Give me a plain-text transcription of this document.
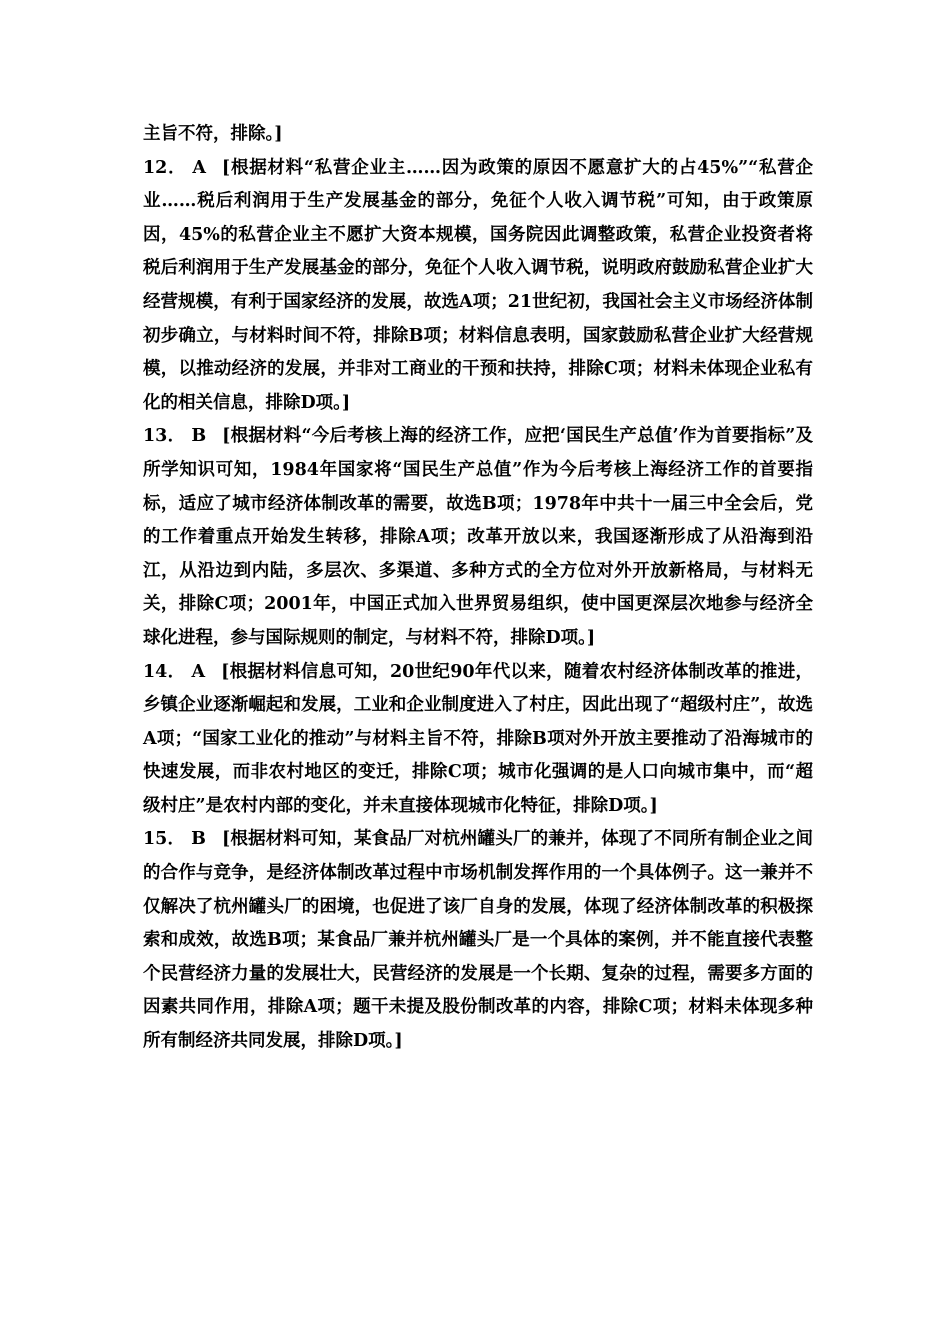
主旨不符，排除。]

12． A [根据材料“私营企业主……因为政策的原因不愿意扩大的占45%”“私营企业……税后利润用于生产发展基金的部分，免征个人收入调节税”可知，由于政策原因，45%的私营企业主不愿扩大资本规模，国务院因此调整政策，私营企业投资者将税后利润用于生产发展基金的部分，免征个人收入调节税，说明政府鼓励私营企业扩大经营规模，有利于国家经济的发展，故选A项；21世纪初，我国社会主义市场经济体制初步确立，与材料时间不符，排除B项；材料信息表明，国家鼓励私营企业扩大经营规模，以推动经济的发展，并非对工商业的干预和扶持，排除C项；材料未体现企业私有化的相关信息，排除D项。]

13． B [根据材料“今后考核上海的经济工作，应把‘国民生产总值’作为首要指标”及所学知识可知，1984年国家将“国民生产总值”作为今后考核上海经济工作的首要指标，适应了城市经济体制改革的需要，故选B项；1978年中共十一届三中全会后，党的工作着重点开始发生转移，排除A项；改革开放以来，我国逐渐形成了从沿海到沿江，从沿边到内陆，多层次、多渠道、多种方式的全方位对外开放新格局，与材料无关，排除C项；2001年，中国正式加入世界贸易组织，使中国更深层次地参与经济全球化进程，参与国际规则的制定，与材料不符，排除D项。]

14． A [根据材料信息可知，20世纪90年代以来，随着农村经济体制改革的推进，乡镇企业逐渐崛起和发展，工业和企业制度进入了村庄，因此出现了“超级村庄”，故选A项；“国家工业化的推动”与材料主旨不符，排除B项对外开放主要推动了沿海城市的快速发展，而非农村地区的变迁，排除C项；城市化强调的是人口向城市集中，而“超级村庄”是农村内部的变化，并未直接体现城市化特征，排除D项。]

15． B [根据材料可知，某食品厂对杭州罐头厂的兼并，体现了不同所有制企业之间的合作与竞争，是经济体制改革过程中市场机制发挥作用的一个具体例子。这一兼并不仅解决了杭州罐头厂的困境，也促进了该厂自身的发展，体现了经济体制改革的积极探索和成效，故选B项；某食品厂兼并杭州罐头厂是一个具体的案例，并不能直接代表整个民营经济力量的发展壮大，民营经济的发展是一个长期、复杂的过程，需要多方面的因素共同作用，排除A项；题干未提及股份制改革的内容，排除C项；材料未体现多种所有制经济共同发展，排除D项。]
